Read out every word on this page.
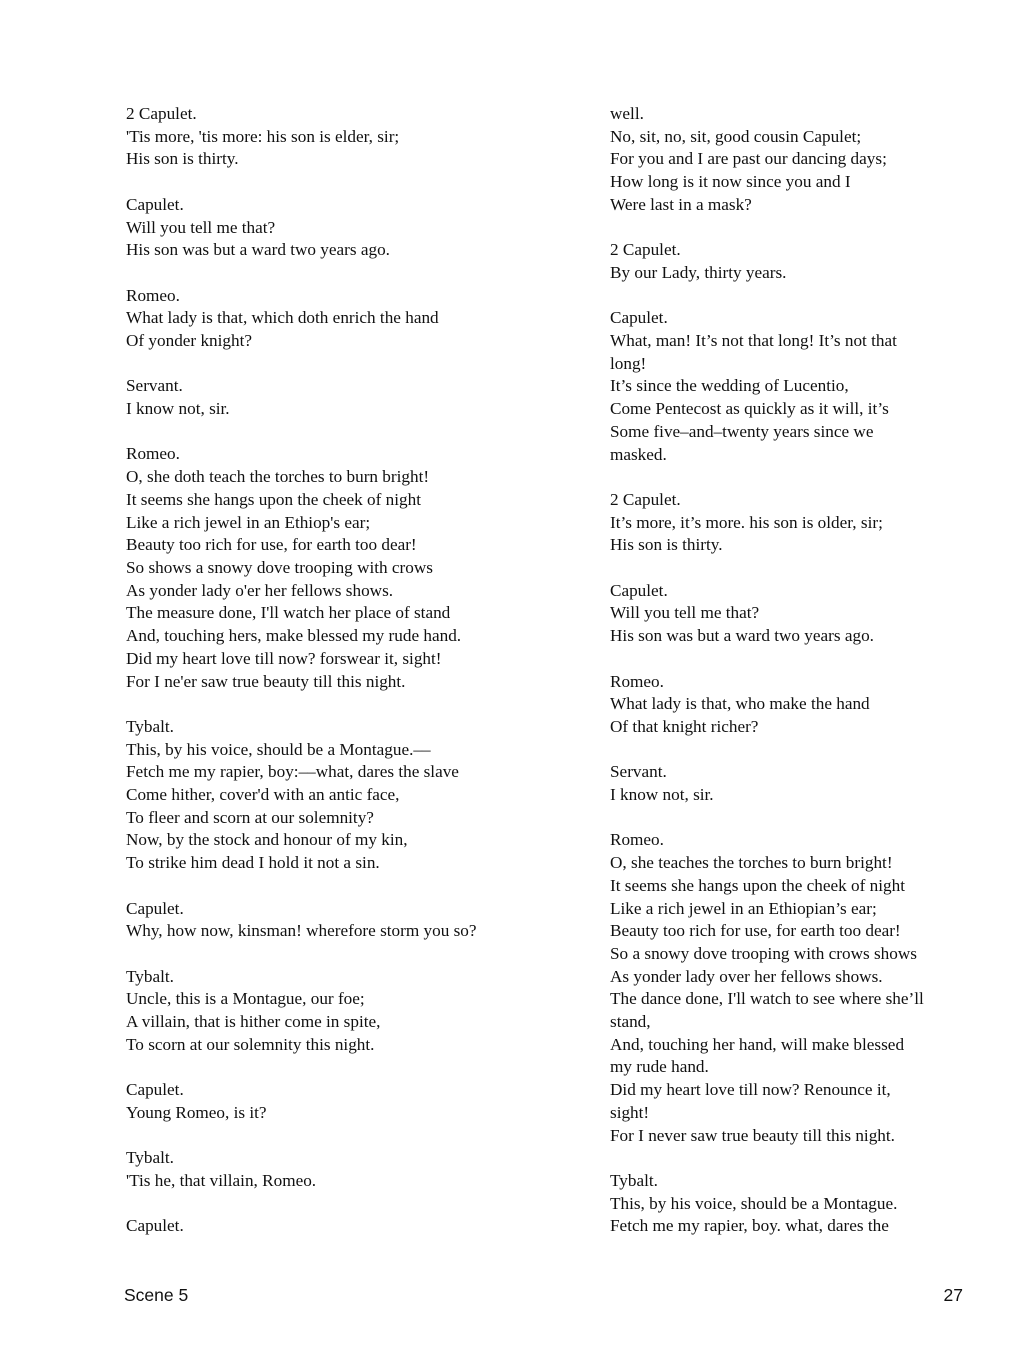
2 Capulet.
'Tis more, 'tis more: his son is elder, sir;
His son is thirty.
Capulet.
Will you tell me that?
His son was but a ward two years ago.
Romeo.
What lady is that, which doth enrich the hand
Of yonder knight?
Servant.
I know not, sir.
Romeo.
O, she doth teach the torches to burn bright!
It seems she hangs upon the cheek of night
Like a rich jewel in an Ethiop's ear;
Beauty too rich for use, for earth too dear!
So shows a snowy dove trooping with crows
As yonder lady o'er her fellows shows.
The measure done, I'll watch her place of stand
And, touching hers, make blessed my rude hand.
Did my heart love till now? forswear it, sight!
For I ne'er saw true beauty till this night.
Tybalt.
This, by his voice, should be a Montague.––
Fetch me my rapier, boy:––what, dares the slave
Come hither, cover'd with an antic face,
To fleer and scorn at our solemnity?
Now, by the stock and honour of my kin,
To strike him dead I hold it not a sin.
Capulet.
Why, how now, kinsman! wherefore storm you so?
Tybalt.
Uncle, this is a Montague, our foe;
A villain, that is hither come in spite,
To scorn at our solemnity this night.
Capulet.
Young Romeo, is it?
Tybalt.
'Tis he, that villain, Romeo.
Capulet.
well.
No, sit, no, sit, good cousin Capulet;
For you and I are past our dancing days;
How long is it now since you and I
Were last in a mask?
2 Capulet.
By our Lady, thirty years.
Capulet.
What, man! It’s not that long! It’s not that
long!
It’s since the wedding of Lucentio,
Come Pentecost as quickly as it will, it’s
Some five–and–twenty years since we
masked.
2 Capulet.
It’s more, it’s more. his son is older, sir;
His son is thirty.
Capulet.
Will you tell me that?
His son was but a ward two years ago.
Romeo.
What lady is that, who make the hand
Of that knight richer?
Servant.
I know not, sir.
Romeo.
O, she teaches the torches to burn bright!
It seems she hangs upon the cheek of night
Like a rich jewel in an Ethiopian’s ear;
Beauty too rich for use, for earth too dear!
So a snowy dove trooping with crows shows
As yonder lady over her fellows shows.
The dance done, I'll watch to see where she’ll
stand,
And, touching her hand, will make blessed
my rude hand.
Did my heart love till now? Renounce it,
sight!
For I never saw true beauty till this night.
Tybalt.
This, by his voice, should be a Montague.
Fetch me my rapier, boy. what, dares the
Scene 5	27
